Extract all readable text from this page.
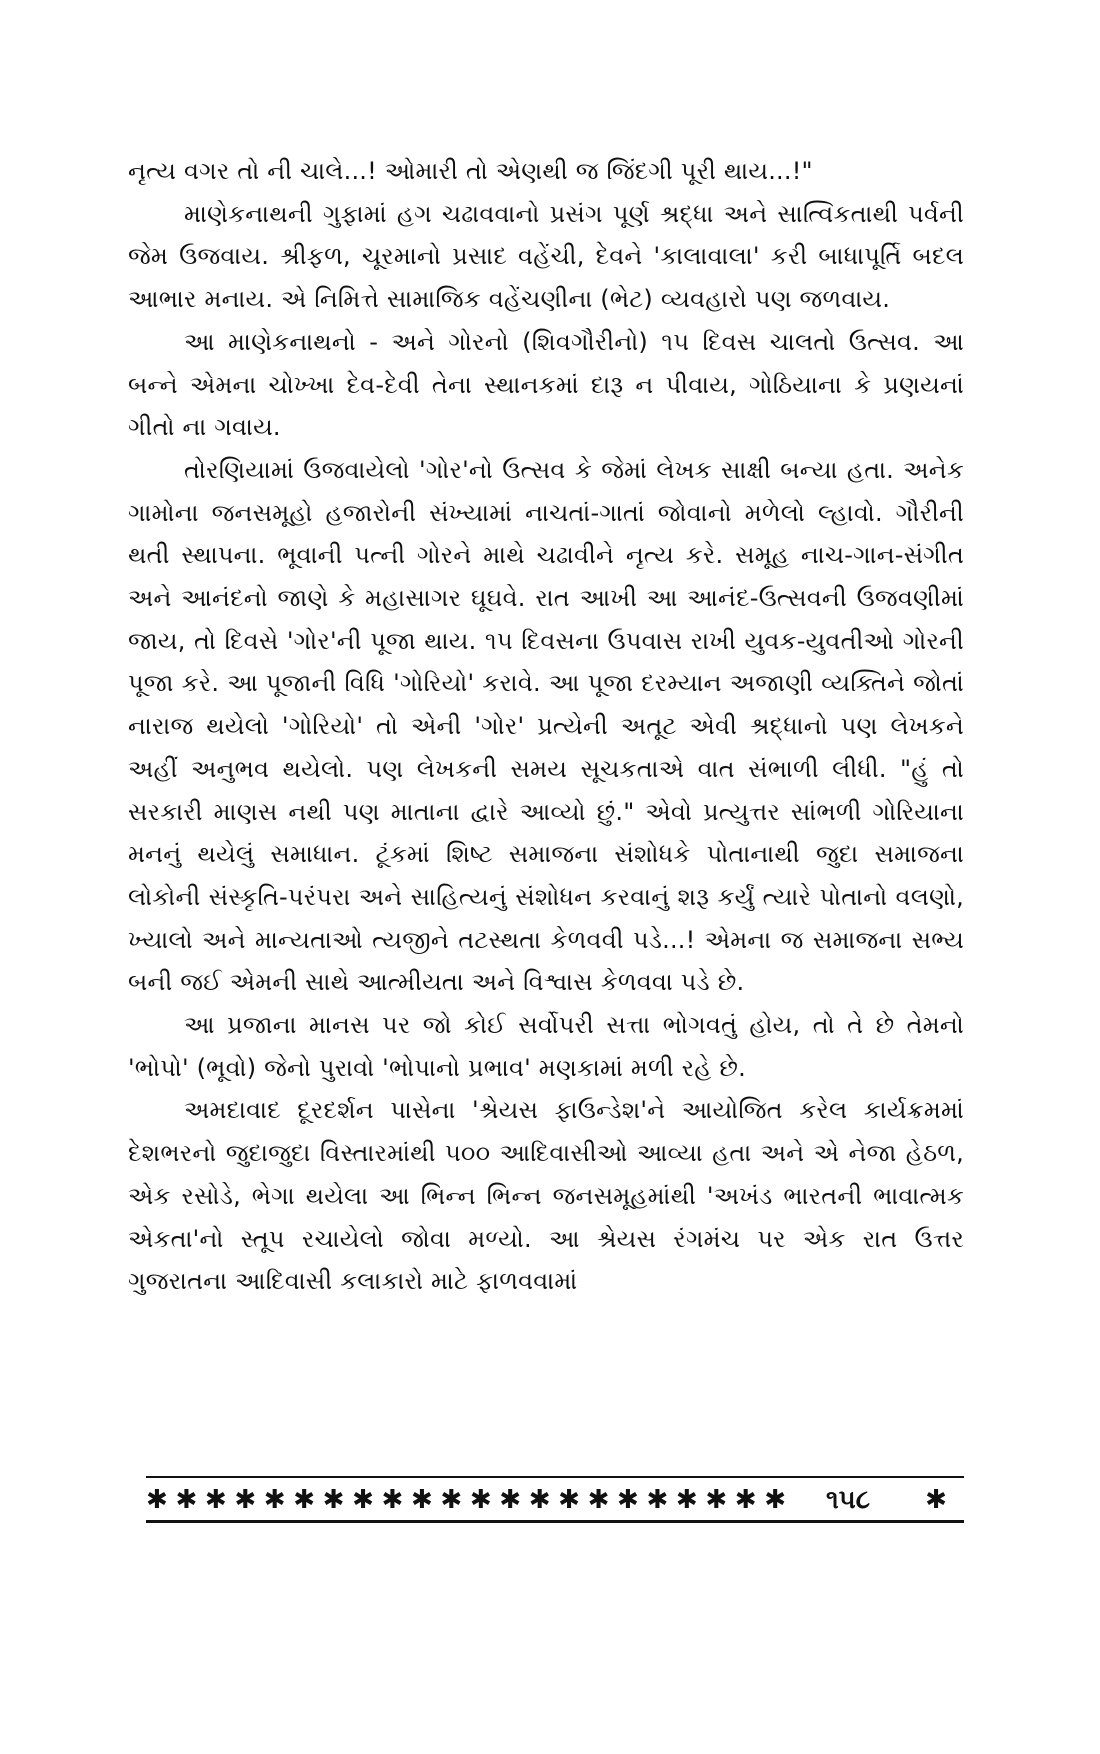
નૃત્ય વગર તો ની ચાલે...! ઓમારી તો એણથી જ જિંદગી પૂરી થાય...!"

માણેકનાથની ગુફામાં હગ ચઢાવવાનો પ્રસંગ પૂર્ણ શ્રદ્ધા અને સાત્વિકતાથી પર્વની જેમ ઉજવાય. શ્રીફળ, ચૂરમાનો પ્રસાદ વહેંચી, દેવને 'કાલાવાલા' કરી બાધાપૂર્તિ બદલ આભાર મનાય. એ નિમિત્તે સામાજિક વહેંચણીના (ભેટ) વ્યવહારો પણ જળવાય.

આ માણેકનાથનો - અને ગોરનો (શિવગૌરીનો) ૧૫ દિવસ ચાલતો ઉત્સવ. આ બન્ને એમના ચોખ્ખા દેવ-દેવી તેના સ્થાનકમાં દારૂ ન પીવાય, ગોઠિયાના કે પ્રણયનાં ગીતો ના ગવાય.

તોરણિયામાં ઉજવાયેલો 'ગોર'નો ઉત્સવ કે જેમાં લેખક સાક્ષી બન્યા હતા. અનેક ગામોના જનસમૂહો હજારોની સંખ્યામાં નાચતાં-ગાતાં જોવાનો મળેલો લ્હાવો. ગૌરીની થતી સ્થાપના. ભૂવાની પત્ની ગોરને માથે ચઢાવીને નૃત્ય કરે. સમૂહ નાચ-ગાન-સંગીત અને આનંદનો જાણે કે મહાસાગર ઘૂઘવે. રાત આખી આ આનંદ-ઉત્સવની ઉજવણીમાં જાય, તો દિવસે 'ગોર'ની પૂજા થાય. ૧૫ દિવસના ઉપવાસ રાખી યુવક-યુવતીઓ ગોરની પૂજા કરે. આ પૂજાની વિધિ 'ગોરિયો' કરાવે. આ પૂજા દરમ્યાન અજાણી વ્યક્તિને જોતાં નારાજ થયેલો 'ગોરિયો' તો એની 'ગોર' પ્રત્યેની અતૂટ એવી શ્રદ્ધાનો પણ લેખકને અહીં અનુભવ થયેલો. પણ લેખકની સમય સૂચકતાએ વાત સંભાળી લીધી. "હું તો સરકારી માણસ નથી પણ માતાના દ્વારે આવ્યો છું." એવો પ્રત્યુત્તર સાંભળી ગોરિયાના મનનું થયેલું સમાધાન. ટૂંકમાં શિષ્ટ સમાજના સંશોધકે પોતાનાથી જુદા સમાજના લોકોની સંસ્કૃતિ-પરંપરા અને સાહિત્યનું સંશોધન કરવાનું શરૂ કર્યું ત્યારે પોતાનો વલણો, ખ્યાલો અને માન્યતાઓ ત્યજીને તટસ્થતા કેળવવી પડે...! એમના જ સમાજના સભ્ય બની જઈ એમની સાથે આત્મીયતા અને વિશ્વાસ કેળવવા પડે છે.

આ પ્રજાના માનસ પર જો કોઈ સર્વોપરી સત્તા ભોગવતું હોય, તો તે છે તેમનો 'ભોપો' (ભૂવો) જેનો પુરાવો 'ભોપાનો પ્રભાવ' મણકામાં મળી રહે છે.

અમદાવાદ દૂરદર્શન પાસેના 'શ્રેયસ ફાઉન્ડેશ'ને આયોજિત કરેલ કાર્યક્રમમાં દેશભરનો જુદાજુદા વિસ્તારમાંથી ૫૦૦ આદિવાસીઓ આવ્યા હતા અને એ નેજા હેઠળ, એક રસોડે, ભેગા થયેલા આ ભિન્ન ભિન્ન જનસમૂહમાંથી 'અખંડ ભારતની ભાવાત્મક એકતા'નો સ્તૂપ રચાયેલો જોવા મળ્યો. આ શ્રેયસ રંગમંચ પર એક રાત ઉત્તર ગુજરાતના આદિવાસી કલાકારો માટે ફાળવવામાં

✱ ✱ ✱ ✱ ✱ ✱ ✱ ✱ ✱ ✱ ✱ ✱ ✱ ✱ ✱ ✱ ✱ ✱ ✱ ✱ ✱ ✱	૧૫૮	✱
